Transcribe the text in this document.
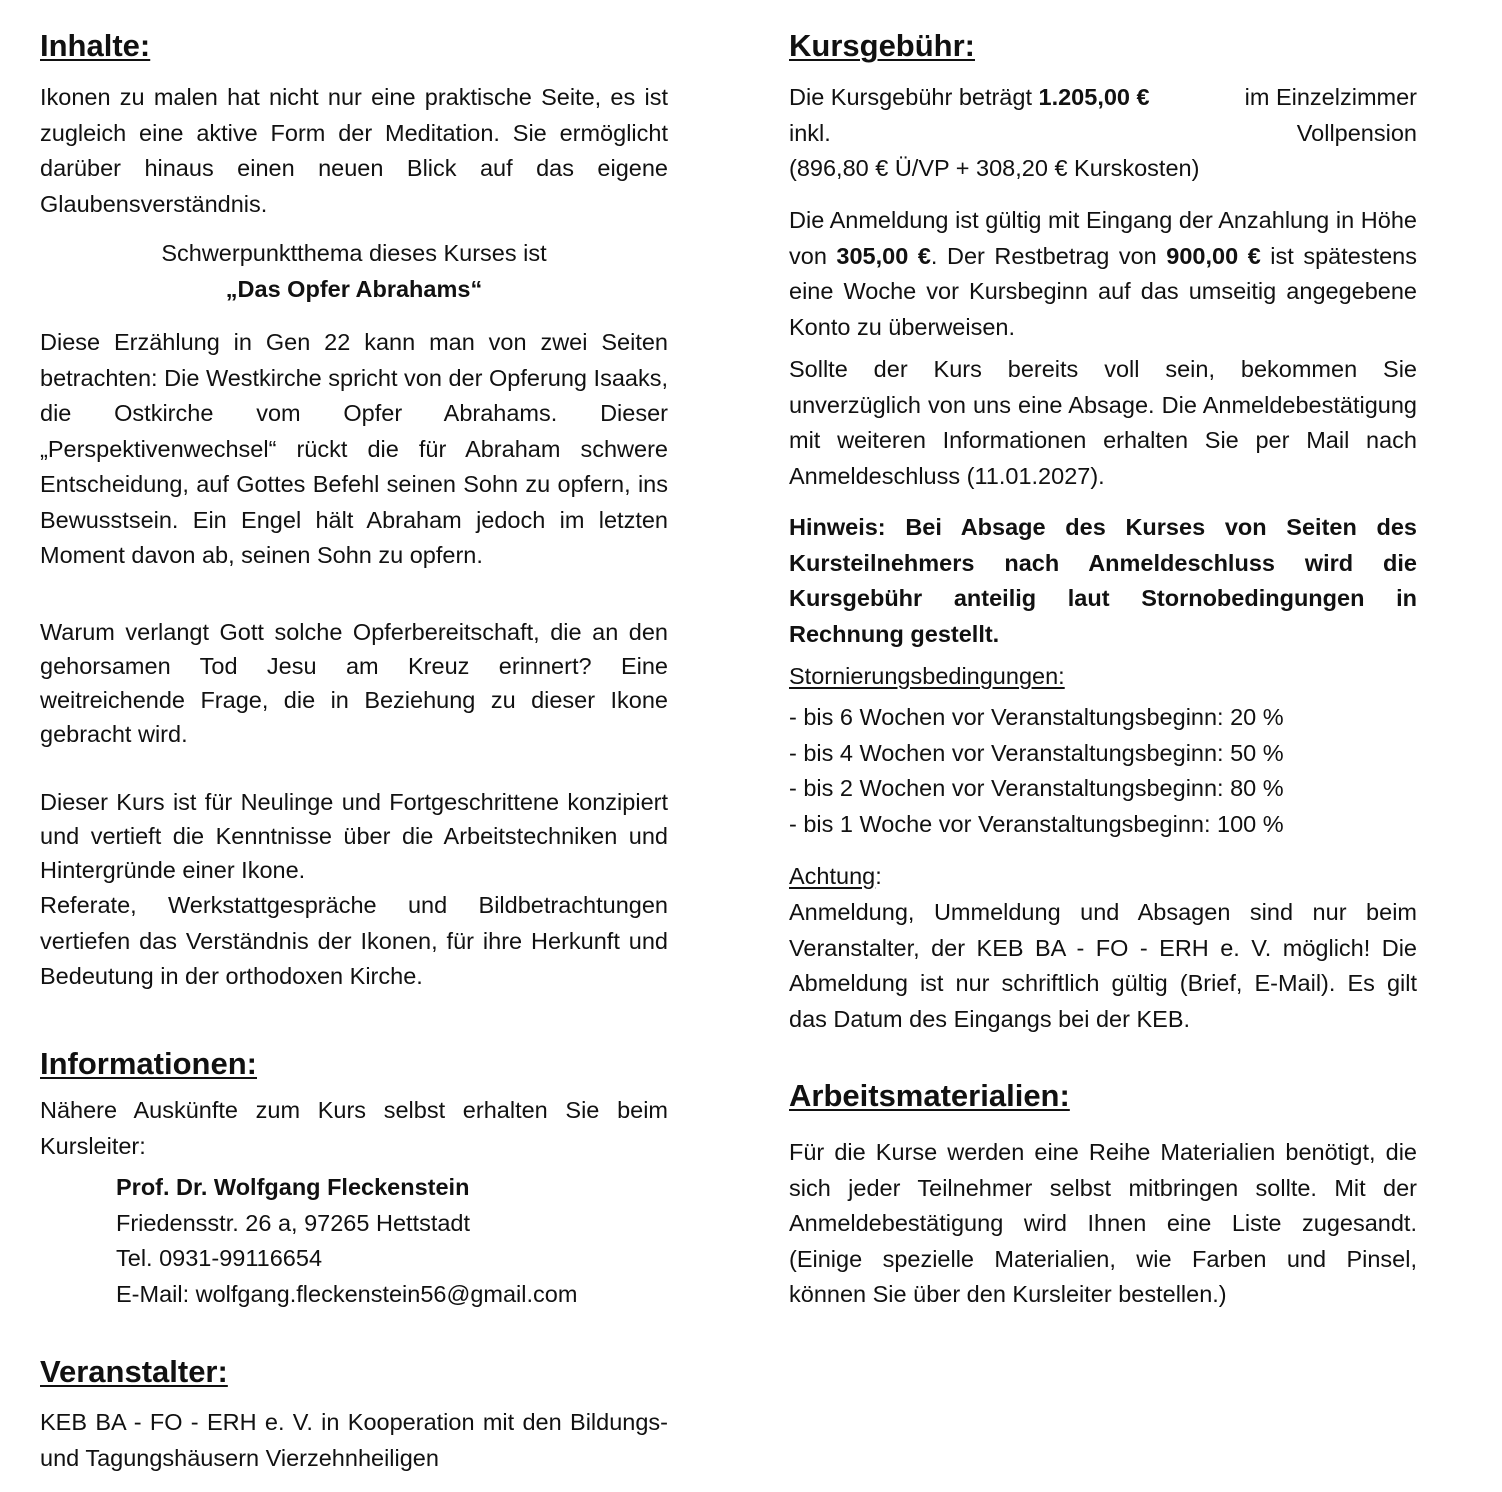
Inhalte:

Ikonen zu malen hat nicht nur eine praktische Seite, es ist zugleich eine aktive Form der Meditation. Sie ermöglicht darüber hinaus einen neuen Blick auf das eigene Glaubensverständnis.

Schwerpunktthema dieses Kurses ist
„Das Opfer Abrahams“

Diese Erzählung in Gen 22 kann man von zwei Seiten betrachten: Die Westkirche spricht von der Opferung Isaaks, die Ostkirche vom Opfer Abrahams. Dieser „Perspektivenwechsel“ rückt die für Abraham schwere Entscheidung, auf Gottes Befehl seinen Sohn zu opfern, ins Bewusstsein. Ein Engel hält Abraham jedoch im letzten Moment davon ab, seinen Sohn zu opfern.

Warum verlangt Gott solche Opferbereitschaft, die an den gehorsamen Tod Jesu am Kreuz erinnert? Eine weitreichende Frage, die in Beziehung zu dieser Ikone gebracht wird.

Dieser Kurs ist für Neulinge und Fortgeschrittene konzipiert und vertieft die Kenntnisse über die Arbeitstechniken und Hintergründe einer Ikone.

Referate, Werkstattgespräche und Bildbetrachtungen vertiefen das Verständnis der Ikonen, für ihre Herkunft und Bedeutung in der orthodoxen Kirche.

Informationen:

Nähere Auskünfte zum Kurs selbst erhalten Sie beim Kursleiter:

Prof. Dr. Wolfgang Fleckenstein
Friedensstr. 26 a, 97265 Hettstadt
Tel. 0931-99116654
E-Mail: wolfgang.fleckenstein56@gmail.com
Veranstalter:

KEB BA - FO - ERH e. V. in Kooperation mit den Bildungs- und Tagungshäusern Vierzehnheiligen

Kursgebühr:
Die Kursgebühr beträgt 1.205,00 €	im Einzelzimmer
inkl.	Vollpension
(896,80 € Ü/VP + 308,20 € Kurskosten)

Die Anmeldung ist gültig mit Eingang der Anzahlung in Höhe von 305,00 €. Der Restbetrag von 900,00 € ist spätestens eine Woche vor Kursbeginn auf das umseitig angegebene Konto zu überweisen.

Sollte der Kurs bereits voll sein, bekommen Sie unverzüglich von uns eine Absage. Die Anmeldebestätigung mit weiteren Informationen erhalten Sie per Mail nach Anmeldeschluss (11.01.2027).

Hinweis: Bei Absage des Kurses von Seiten des Kursteilnehmers nach Anmeldeschluss wird die Kursgebühr anteilig laut Stornobedingungen in Rechnung gestellt.

Stornierungsbedingungen:
- bis 6 Wochen vor Veranstaltungsbeginn: 20 %
- bis 4 Wochen vor Veranstaltungsbeginn: 50 %
- bis 2 Wochen vor Veranstaltungsbeginn: 80 %
- bis 1 Woche vor Veranstaltungsbeginn: 100 %
Achtung:

Anmeldung, Ummeldung und Absagen sind nur beim Veranstalter, der KEB BA - FO - ERH e. V. möglich! Die Abmeldung ist nur schriftlich gültig (Brief, E-Mail). Es gilt das Datum des Eingangs bei der KEB.

Arbeitsmaterialien:

Für die Kurse werden eine Reihe Materialien benötigt, die sich jeder Teilnehmer selbst mitbringen sollte. Mit der Anmeldebestätigung wird Ihnen eine Liste zugesandt. (Einige spezielle Materialien, wie Farben und Pinsel, können Sie über den Kursleiter bestellen.)
